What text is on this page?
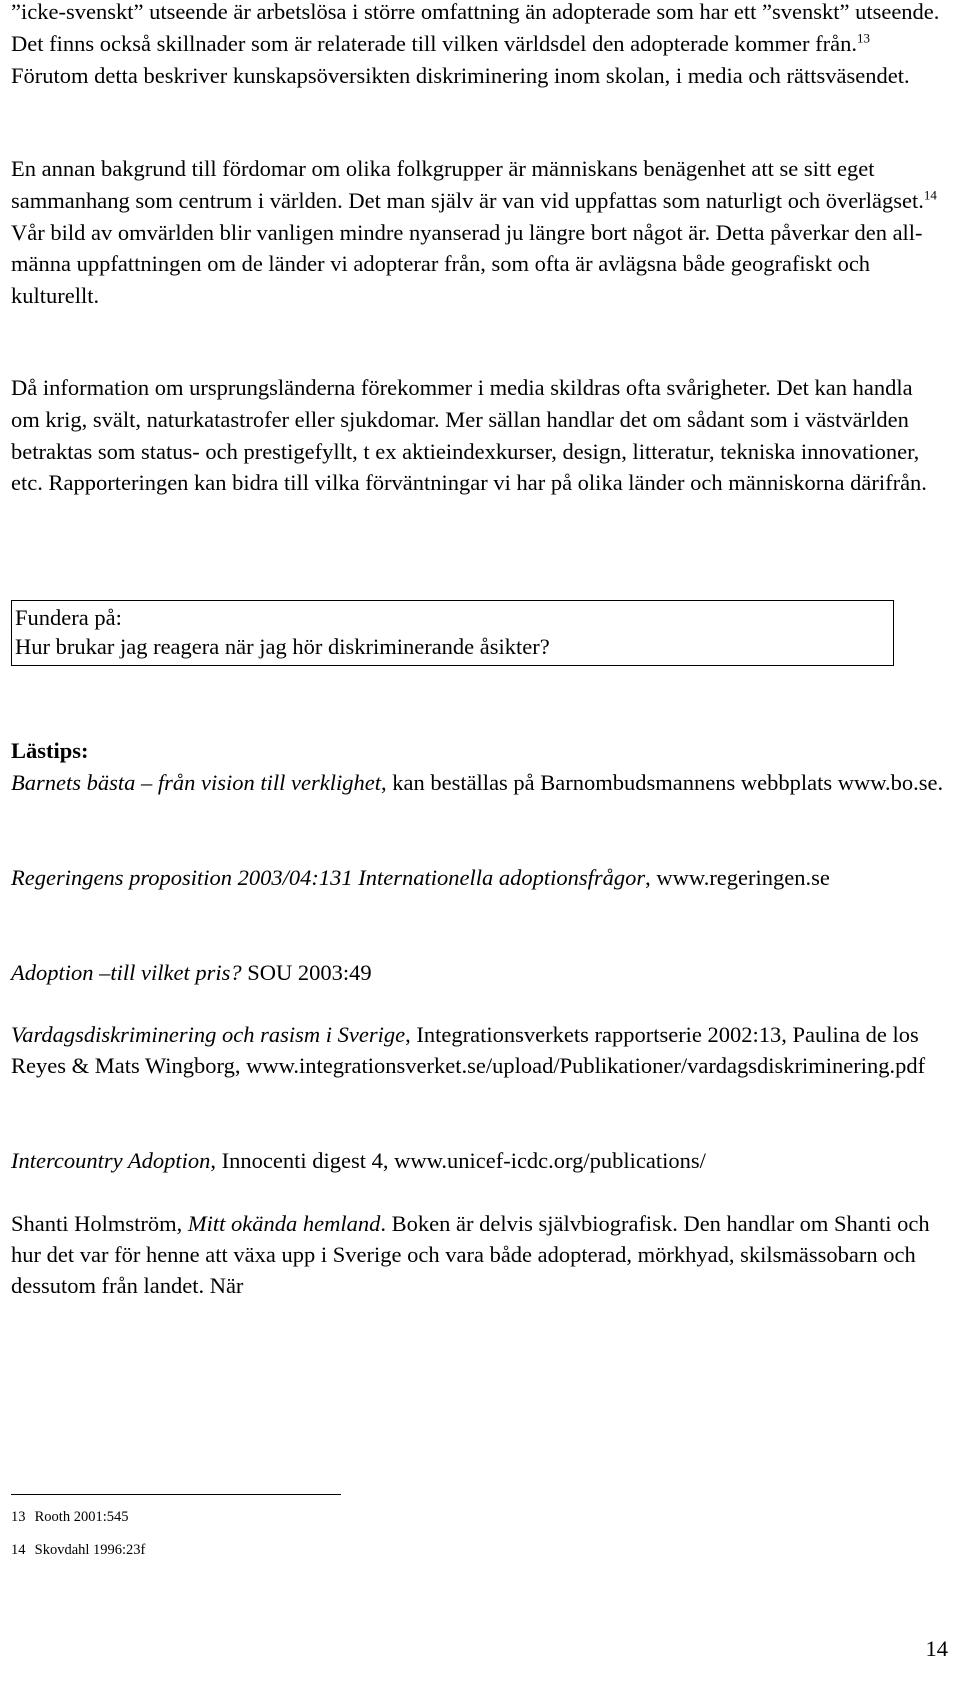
”icke-svenskt” utseende är arbetslösa i större omfattning än adopterade som har ett ”svenskt” utseende. Det finns också skillnader som är relaterade till vilken världsdel den adopterade kommer från.$^{13}$ Förutom detta beskriver kunskapsöversikten diskriminering inom skolan, i media och rättsväsendet.

En annan bakgrund till fördomar om olika folkgrupper är människans benägenhet att se sitt eget sammanhang som centrum i världen. Det man själv är van vid uppfattas som naturligt och överlägset.$^{14}$ Vår bild av omvärlden blir vanligen mindre nyanserad ju längre bort något är. Detta påverkar den all-männa uppfattningen om de länder vi adopterar från, som ofta är avlägsna både geografiskt och kulturellt.

Då information om ursprungsländerna förekommer i media skildras ofta svårigheter. Det kan handla om krig, svält, naturkatastrofer eller sjukdomar. Mer sällan handlar det om sådant som i västvärlden betraktas som status- och prestigefyllt, t ex aktieindexkurser, design, litteratur, tekniska innovationer, etc. Rapporteringen kan bidra till vilka förväntningar vi har på olika länder och människorna därifrån.

Fundera på:
Hur brukar jag reagera när jag hör diskriminerande åsikter?
Lästips:

Barnets bästa – från vision till verklighet, kan beställas på Barnombudsmannens webbplats www.bo.se.

Regeringens proposition 2003/04:131 Internationella adoptionsfrågor, www.regeringen.se

Adoption –till vilket pris? SOU 2003:49

Vardagsdiskriminering och rasism i Sverige, Integrationsverkets rapportserie 2002:13, Paulina de los Reyes & Mats Wingborg, www.integrationsverket.se/upload/Publikationer/vardagsdiskriminering.pdf

Intercountry Adoption, Innocenti digest 4, www.unicef-icdc.org/publications/

Shanti Holmström, Mitt okända hemland. Boken är delvis självbiografisk. Den handlar om Shanti och hur det var för henne att växa upp i Sverige och vara både adopterad, mörkhyad, skilsmässobarn och dessutom från landet. När

13 Rooth 2001:545
14 Skovdahl 1996:23f
14
